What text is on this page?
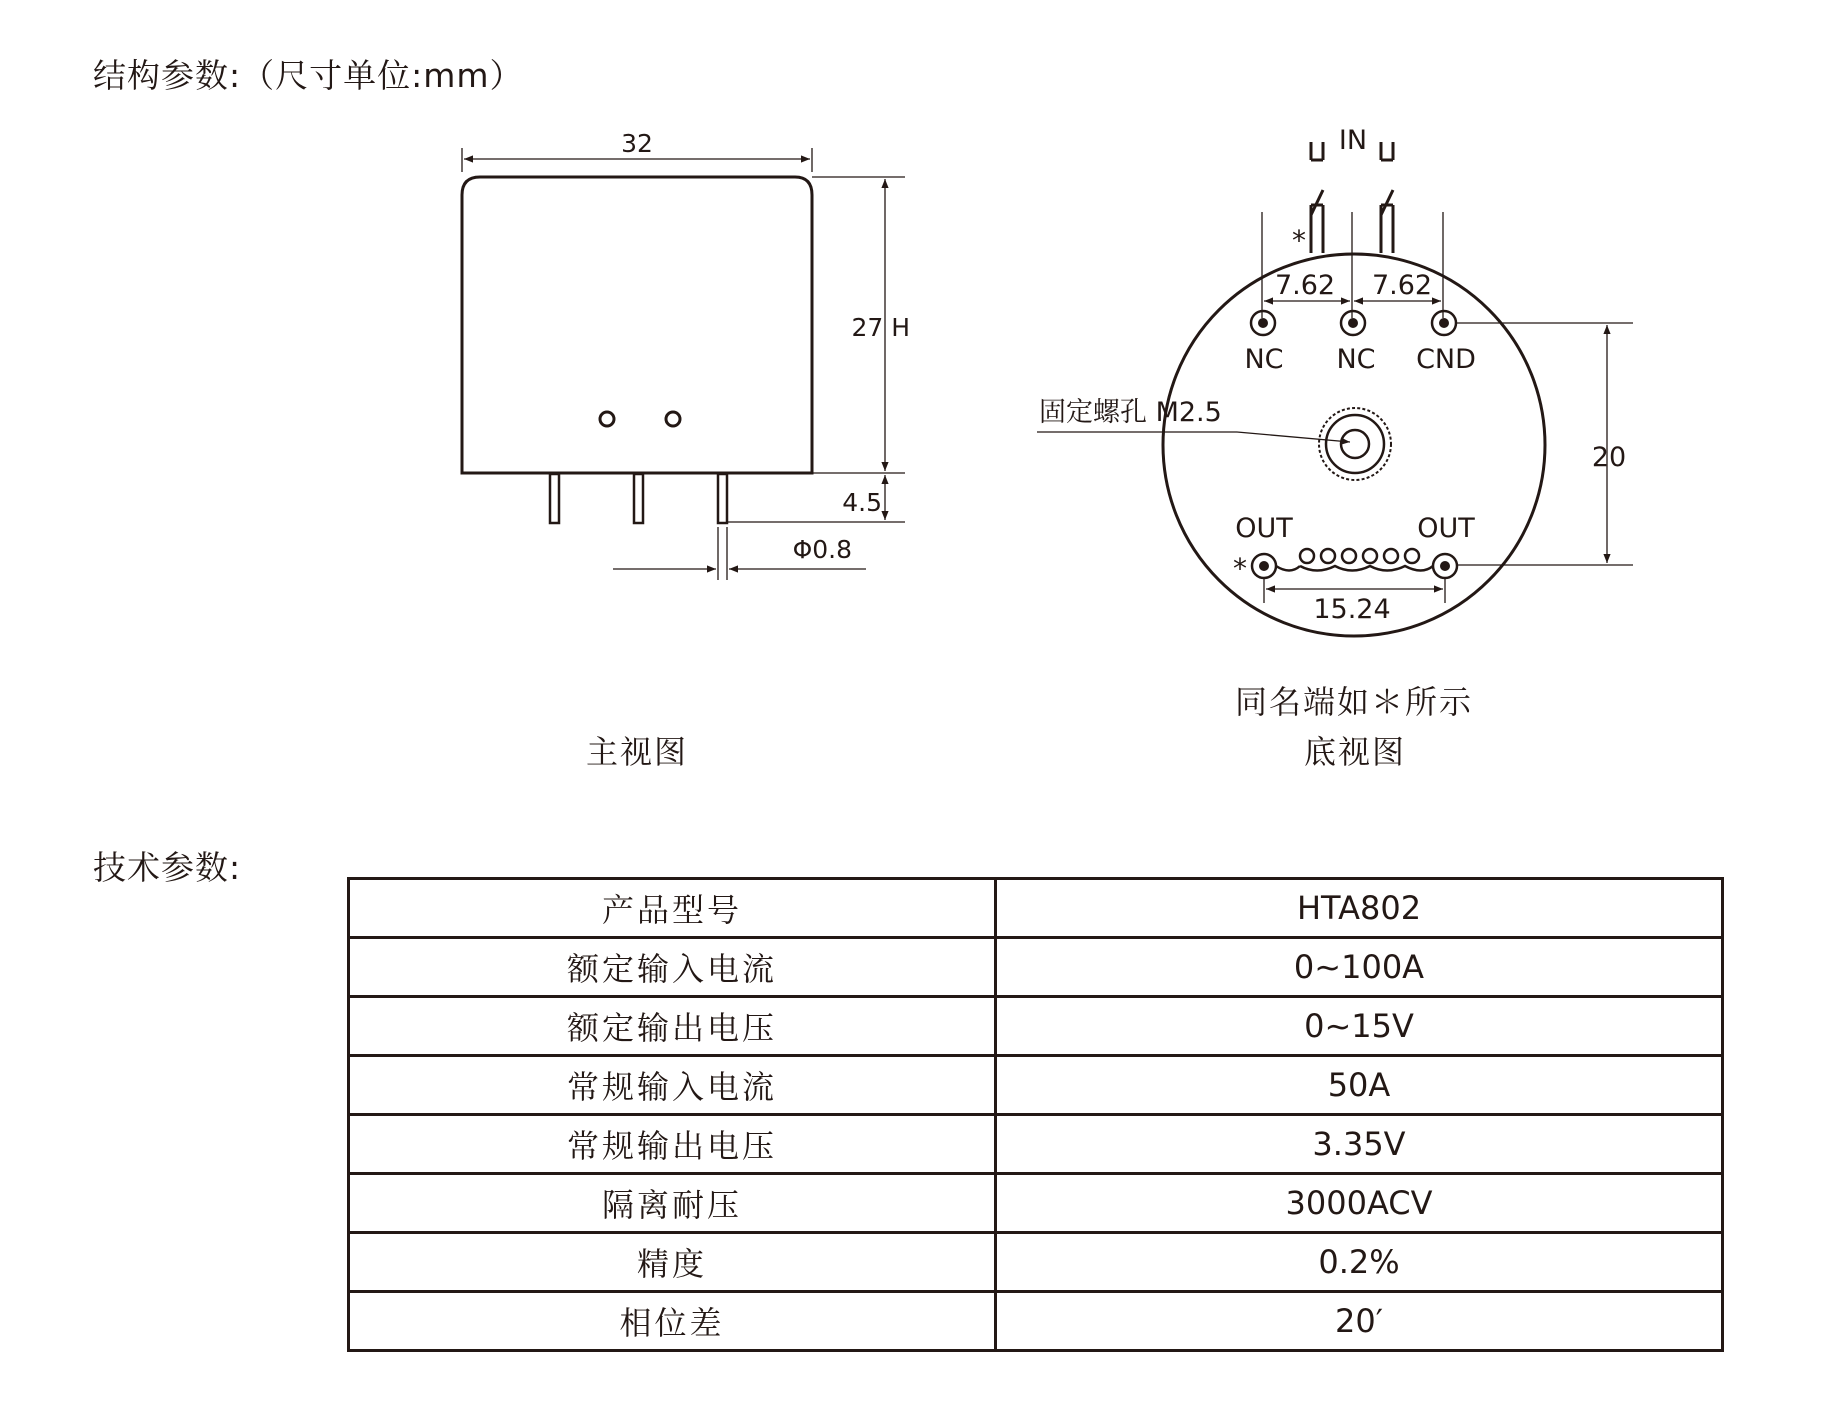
结构参数:（尺寸单位:mm）
32
27 H
4.5
Φ0.8
IN
*
7.62 7.62
NC NC CND
固定螺孔 M2.5
20
OUT	OUT
*
15.24
主视图
同名端如＊所示
底视图
技术参数:
产品型号	HTA802
额定输入电流	0~100A
额定输出电压	0~15V
常规输入电流	50A
常规输出电压	3.35V
隔离耐压	3000ACV
精度	0.2%
相位差	20′
